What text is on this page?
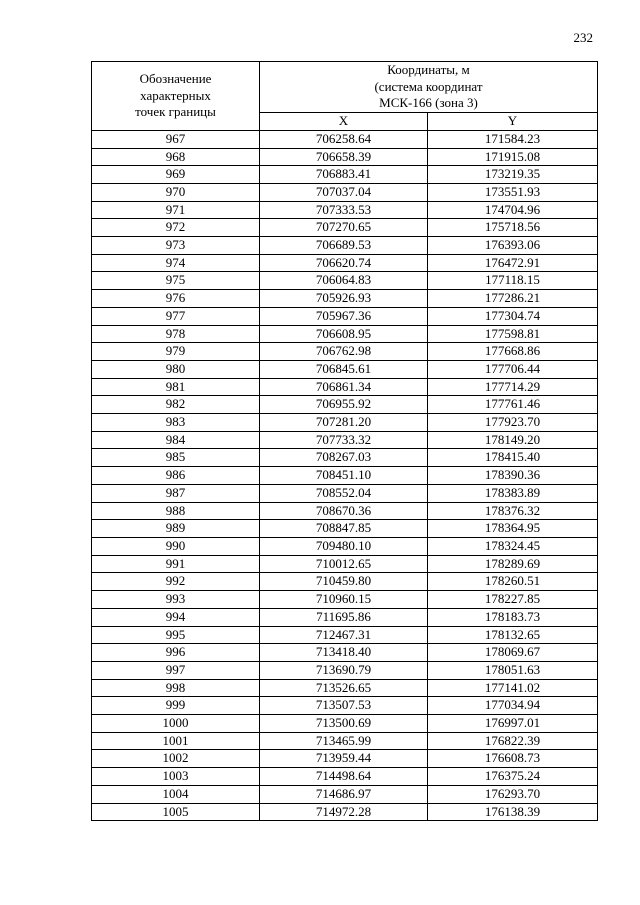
232
Обозначение
характерных
точек границы	Координаты, м
(система координат
МСК-166 (зона 3)	
	X	Y
967	706258.64	171584.23
968	706658.39	171915.08
969	706883.41	173219.35
970	707037.04	173551.93
971	707333.53	174704.96
972	707270.65	175718.56
973	706689.53	176393.06
974	706620.74	176472.91
975	706064.83	177118.15
976	705926.93	177286.21
977	705967.36	177304.74
978	706608.95	177598.81
979	706762.98	177668.86
980	706845.61	177706.44
981	706861.34	177714.29
982	706955.92	177761.46
983	707281.20	177923.70
984	707733.32	178149.20
985	708267.03	178415.40
986	708451.10	178390.36
987	708552.04	178383.89
988	708670.36	178376.32
989	708847.85	178364.95
990	709480.10	178324.45
991	710012.65	178289.69
992	710459.80	178260.51
993	710960.15	178227.85
994	711695.86	178183.73
995	712467.31	178132.65
996	713418.40	178069.67
997	713690.79	178051.63
998	713526.65	177141.02
999	713507.53	177034.94
1000	713500.69	176997.01
1001	713465.99	176822.39
1002	713959.44	176608.73
1003	714498.64	176375.24
1004	714686.97	176293.70
1005	714972.28	176138.39
